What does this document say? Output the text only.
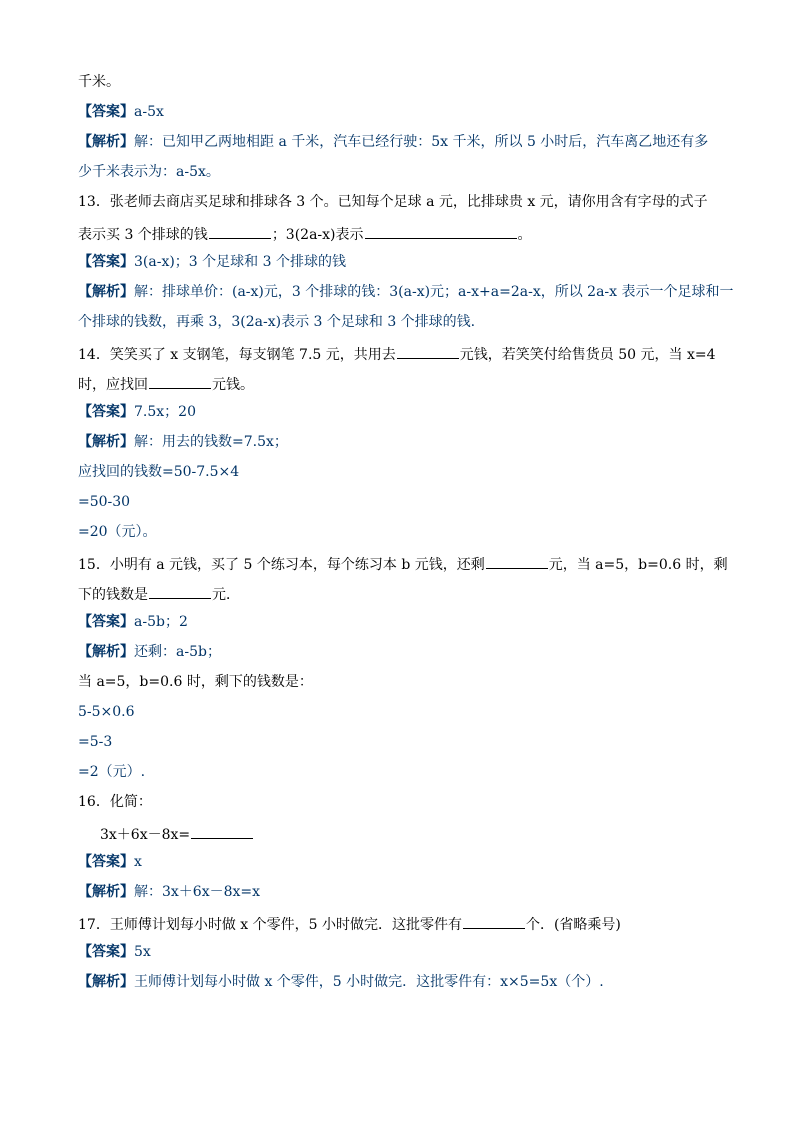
千米。
【答案】a-5x
【解析】解：已知甲乙两地相距 a 千米，汽车已经行驶：5x 千米，所以 5 小时后，汽车离乙地还有多
少千米表示为：a-5x。
13．张老师去商店买足球和排球各 3 个。已知每个足球 a 元，比排球贵 x 元，请你用含有字母的式子
表示买 3 个排球的钱	；3(2a-x)表示	。
【答案】3(a-x)；3 个足球和 3 个排球的钱
【解析】解：排球单价：(a-x)元，3 个排球的钱：3(a-x)元；a-x+a=2a-x，所以 2a-x 表示一个足球和一
个排球的钱数，再乘 3，3(2a-x)表示 3 个足球和 3 个排球的钱.
14．笑笑买了 x 支钢笔，每支钢笔 7.5 元，共用去	元钱，若笑笑付给售货员 50 元，当 x=4
时，应找回	元钱。
【答案】7.5x；20
【解析】解：用去的钱数=7.5x；
应找回的钱数=50-7.5×4
=50-30
=20（元）。
15．小明有 a 元钱，买了 5 个练习本，每个练习本 b 元钱，还剩	元，当 a=5，b=0.6 时，剩
下的钱数是	元．
【答案】a-5b；2
【解析】还剩：a-5b；
当 a=5，b=0.6 时，剩下的钱数是：
5-5×0.6
=5-3
=2（元）.
16．化简：
3x＋6x－8x=
【答案】x
【解析】解：3x＋6x－8x=x
17．王师傅计划每小时做 x 个零件，5 小时做完．这批零件有	个．(省略乘号)
【答案】5x
【解析】王师傅计划每小时做 x 个零件，5 小时做完．这批零件有：x×5=5x（个）.
